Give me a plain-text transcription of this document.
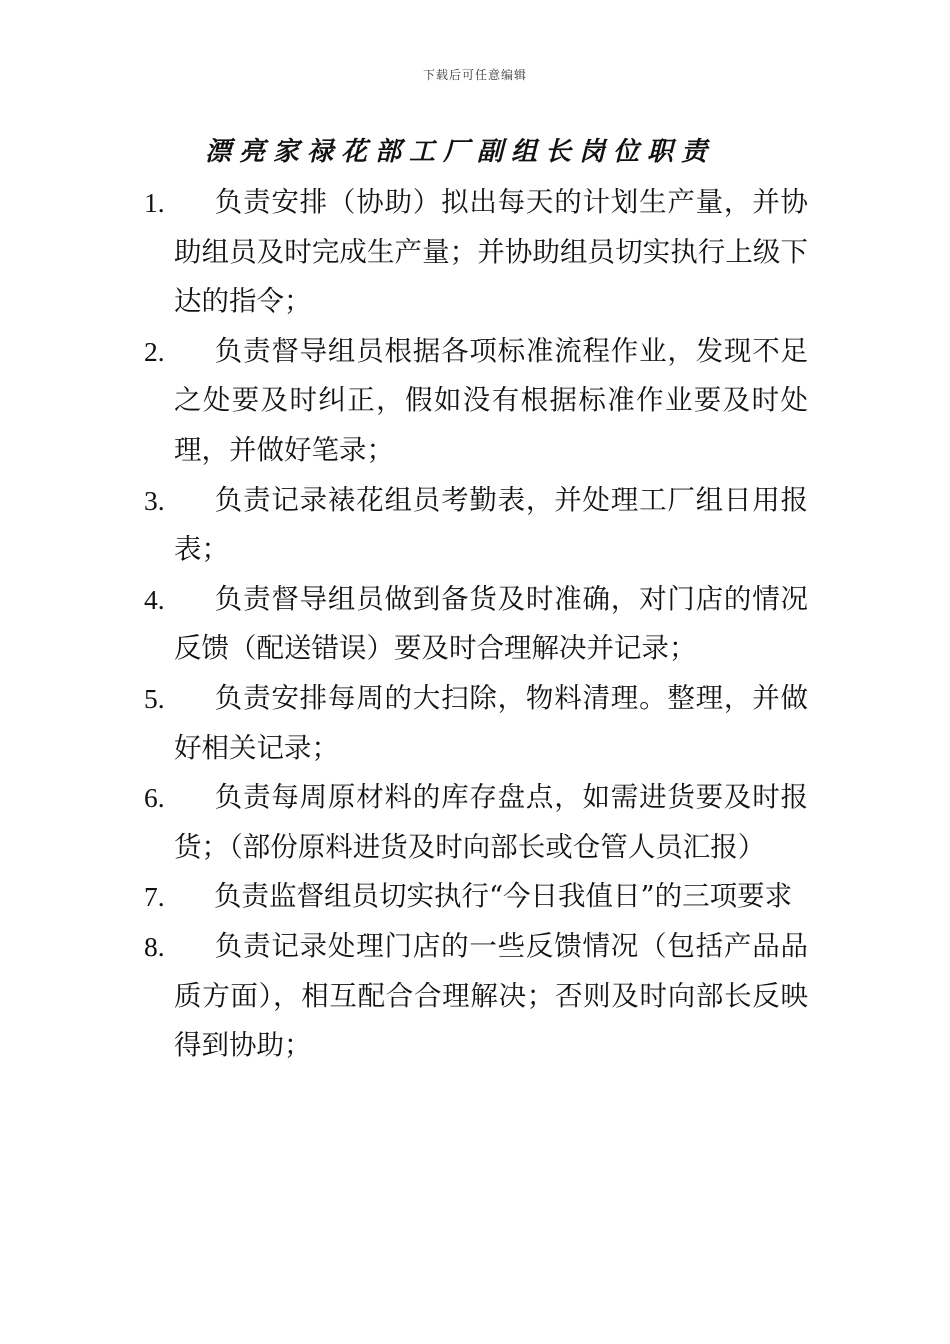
下载后可任意编辑
漂亮家禄花部工厂副组长岗位职责
1.	负责安排（协助）拟出每天的计划生产量，并协助组员及时完成生产量；并协助组员切实执行上级下达的指令；
2.	负责督导组员根据各项标准流程作业，发现不足之处要及时纠正，假如没有根据标准作业要及时处理，并做好笔录；
3.	负责记录裱花组员考勤表，并处理工厂组日用报表；
4.	负责督导组员做到备货及时准确，对门店的情况反馈（配送错误）要及时合理解决并记录；
5.	负责安排每周的大扫除，物料清理。整理，并做好相关记录；
6.	负责每周原材料的库存盘点，如需进货要及时报货；（部份原料进货及时向部长或仓管人员汇报）
7.	负责监督组员切实执行“今日我值日”的三项要求
8.	负责记录处理门店的一些反馈情况（包括产品品质方面），相互配合合理解决；否则及时向部长反映得到协助；
